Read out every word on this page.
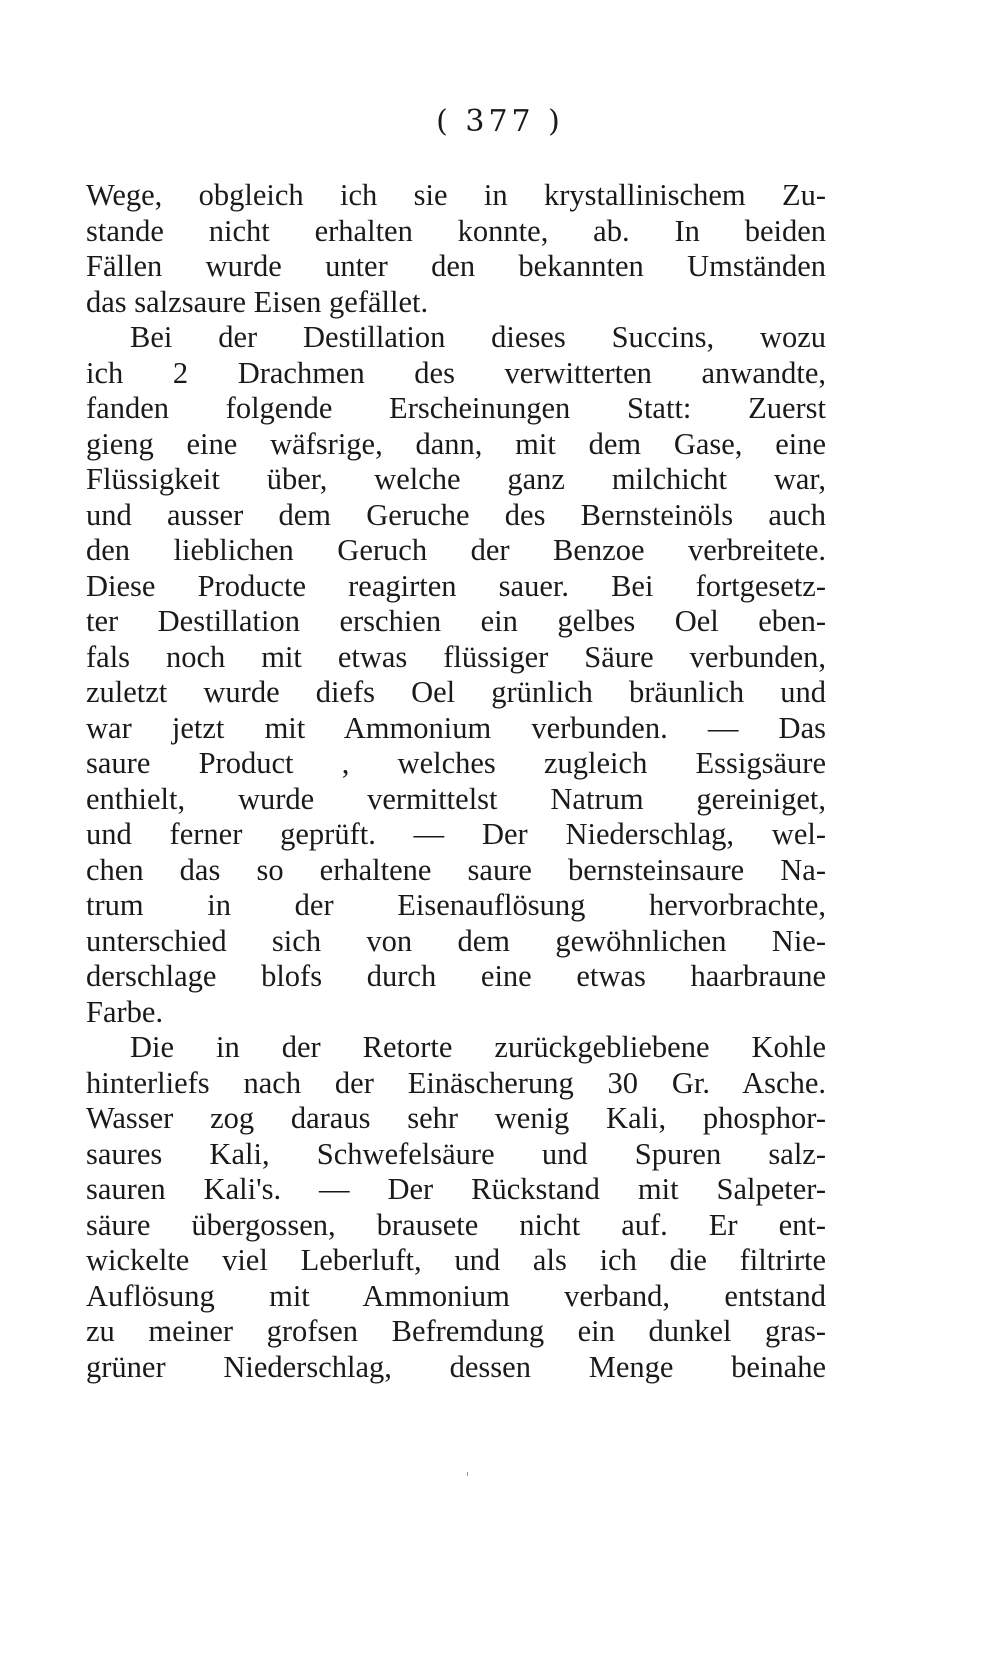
( 377 )
Wege, obgleich ich sie in krystallinischem Zu-
stande nicht erhalten konnte, ab. In beiden
Fällen wurde unter den bekannten Umständen
das salzsaure Eisen gefället.
Bei der Destillation dieses Succins, wozu
ich 2 Drachmen des verwitterten anwandte,
fanden folgende Erscheinungen Statt: Zuerst
gieng eine wäfsrige, dann, mit dem Gase, eine
Flüssigkeit über, welche ganz milchicht war,
und ausser dem Geruche des Bernsteinöls auch
den lieblichen Geruch der Benzoe verbreitete.
Diese Producte reagirten sauer. Bei fortgesetz-
ter Destillation erschien ein gelbes Oel eben-
fals noch mit etwas flüssiger Säure verbunden,
zuletzt wurde diefs Oel grünlich bräunlich und
war jetzt mit Ammonium verbunden. — Das
saure Product , welches zugleich Essigsäure
enthielt, wurde vermittelst Natrum gereiniget,
und ferner geprüft. — Der Niederschlag, wel-
chen das so erhaltene saure bernsteinsaure Na-
trum in der Eisenauflösung hervorbrachte,
unterschied sich von dem gewöhnlichen Nie-
derschlage blofs durch eine etwas haarbraune
Farbe.
Die in der Retorte zurückgebliebene Kohle
hinterliefs nach der Einäscherung 30 Gr. Asche.
Wasser zog daraus sehr wenig Kali, phosphor-
saures Kali, Schwefelsäure und Spuren salz-
sauren Kali's. — Der Rückstand mit Salpeter-
säure übergossen, brausete nicht auf. Er ent-
wickelte viel Leberluft, und als ich die filtrirte
Auflösung mit Ammonium verband, entstand
zu meiner grofsen Befremdung ein dunkel gras-
grüner Niederschlag, dessen Menge beinahe
